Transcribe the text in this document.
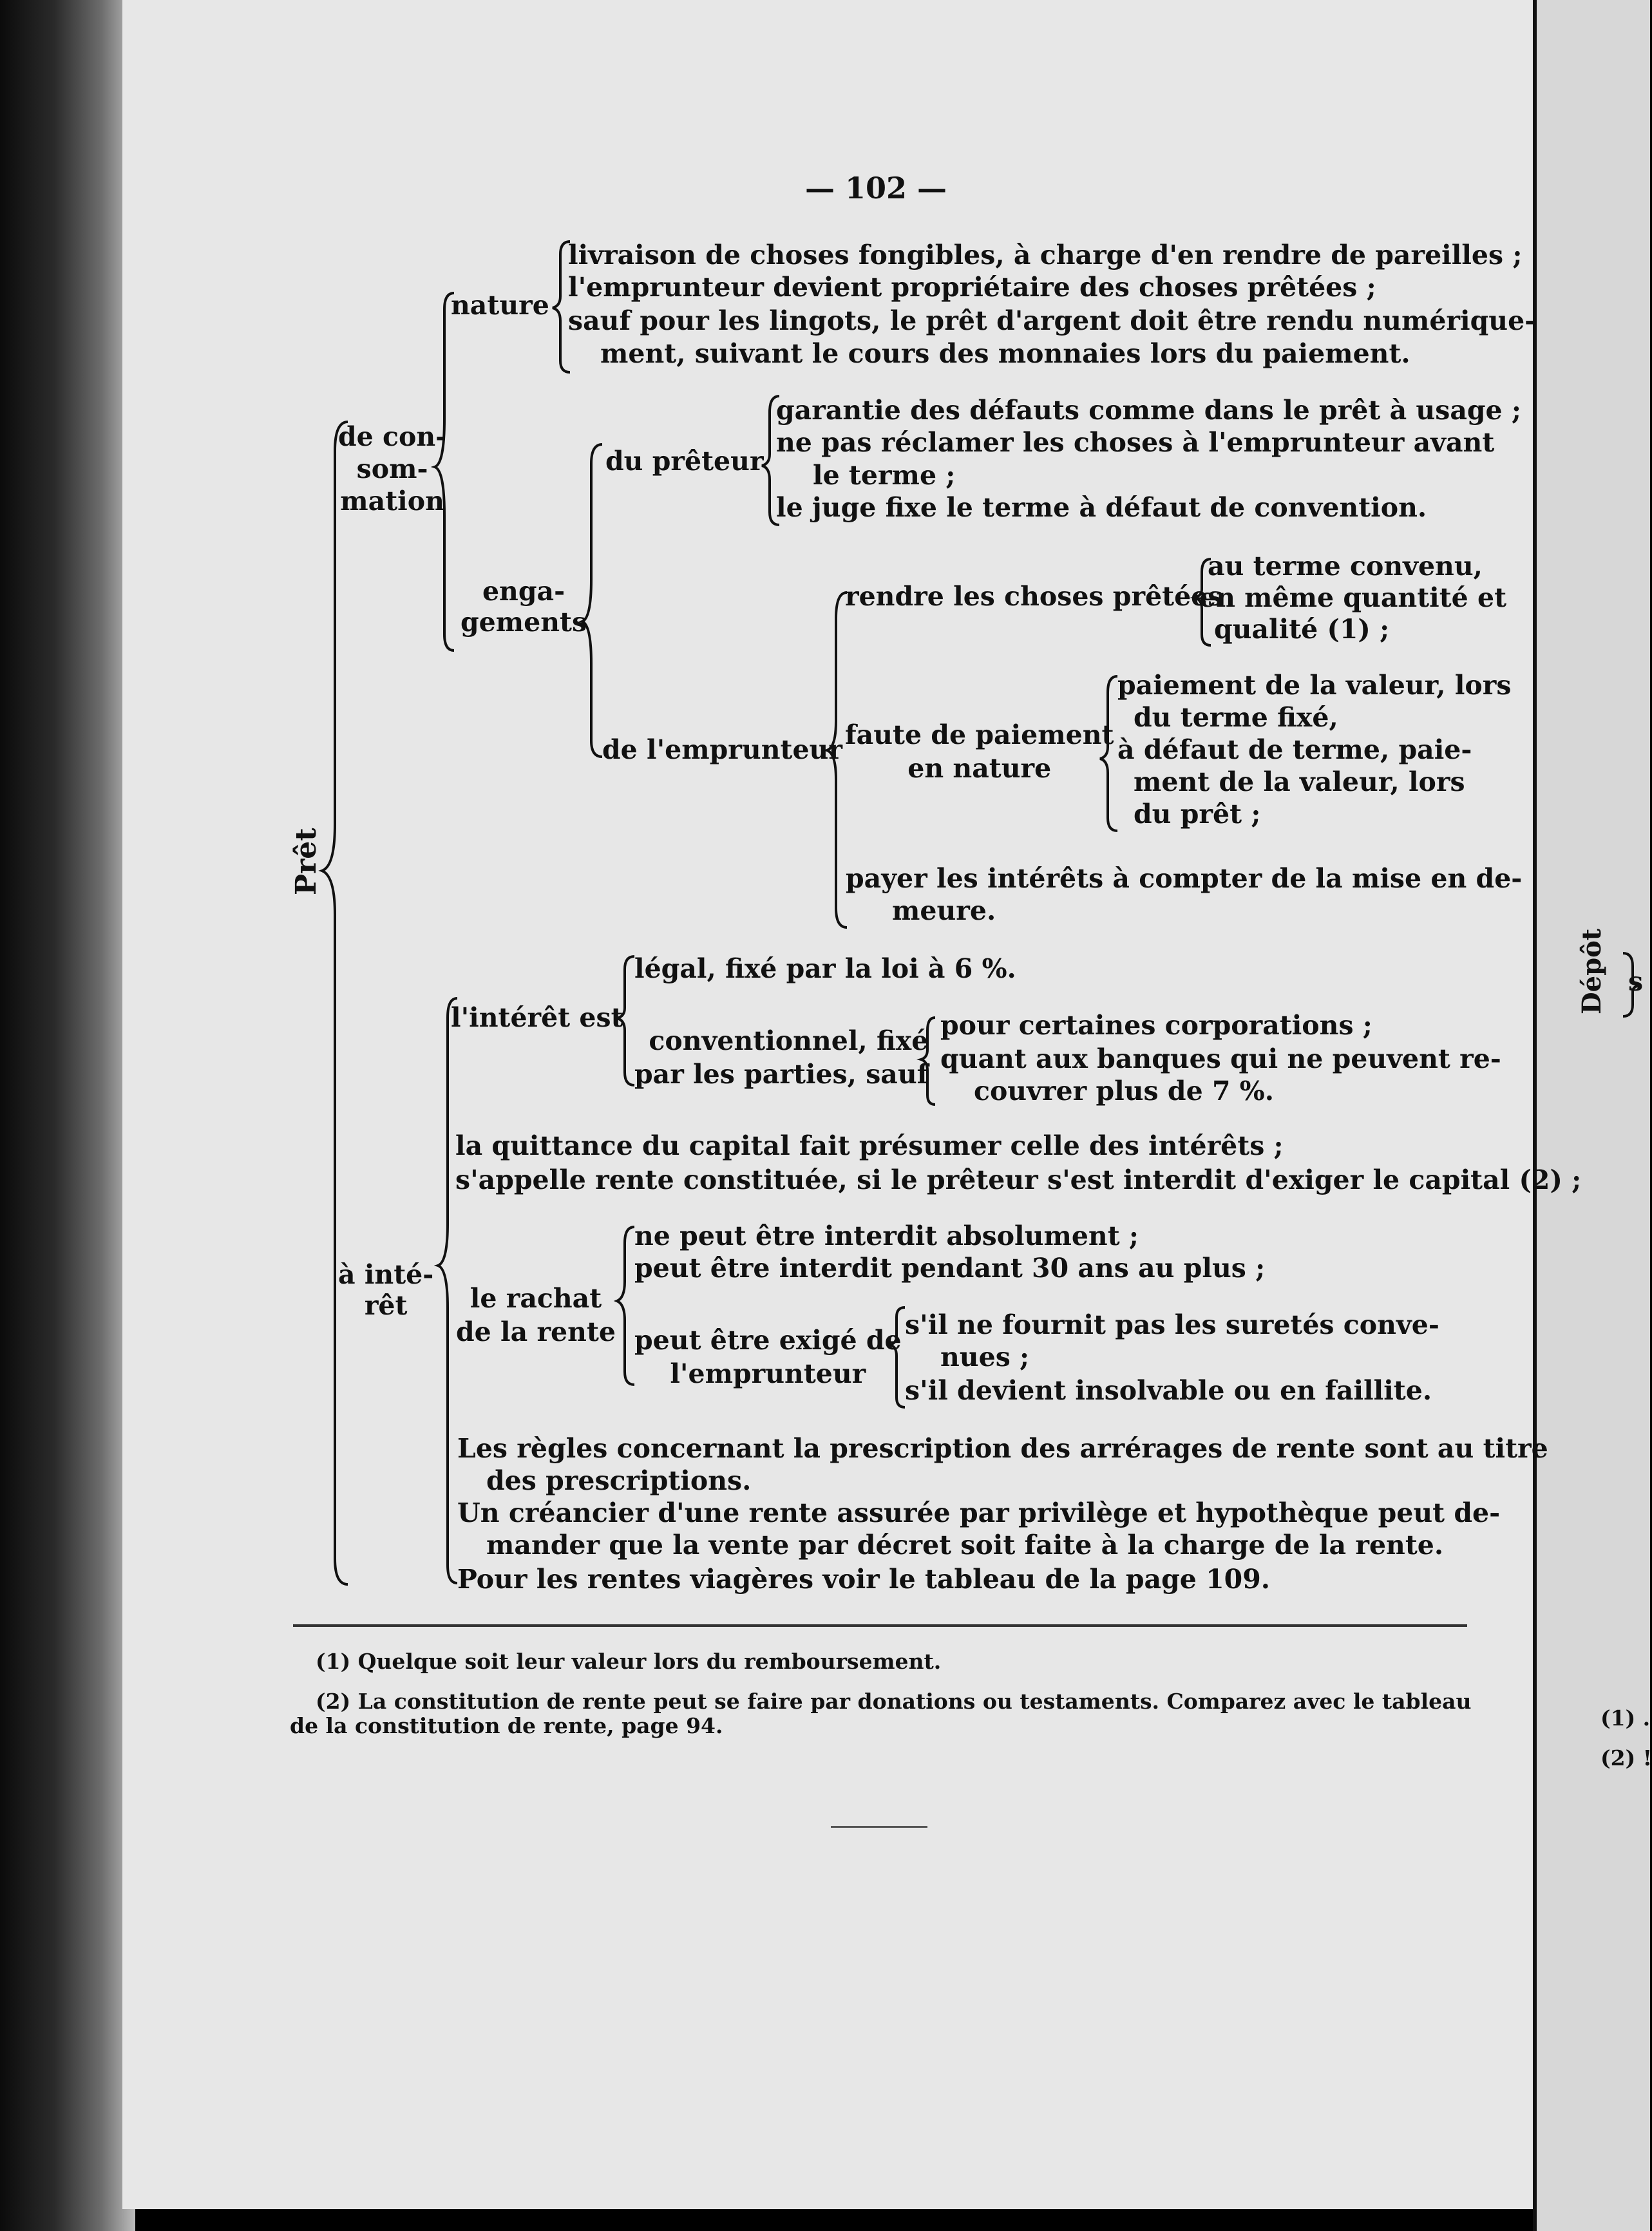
— 102 —
Prêt
de con-
som-
mation
nature
livraison de choses fongibles, à charge d'en rendre de pareilles ;
l'emprunteur devient propriétaire des choses prêtées ;
sauf pour les lingots, le prêt d'argent doit être rendu numérique-
ment, suivant le cours des monnaies lors du paiement.
enga-
gements
du prêteur
garantie des défauts comme dans le prêt à usage ;
ne pas réclamer les choses à l'emprunteur avant
le terme ;
le juge fixe le terme à défaut de convention.
de l'emprunteur
rendre les choses prêtées
au terme convenu,
en même quantité et
qualité (1) ;
faute de paiement
en nature
paiement de la valeur, lors
du terme fixé,
à défaut de terme, paie-
ment de la valeur, lors
du prêt ;
payer les intérêts à compter de la mise en de-
meure.
à inté-
rêt
l'intérêt est
légal, fixé par la loi à 6 %.
conventionnel, fixé
par les parties, sauf
pour certaines corporations ;
quant aux banques qui ne peuvent re-
couvrer plus de 7 %.
la quittance du capital fait présumer celle des intérêts ;
s'appelle rente constituée, si le prêteur s'est interdit d'exiger le capital (2) ;
le rachat
de la rente
ne peut être interdit absolument ;
peut être interdit pendant 30 ans au plus ;
peut être exigé de
l'emprunteur
s'il ne fournit pas les suretés conve-
nues ;
s'il devient insolvable ou en faillite.
Les règles concernant la prescription des arrérages de rente sont au titre
des prescriptions.
Un créancier d'une rente assurée par privilège et hypothèque peut de-
mander que la vente par décret soit faite à la charge de la rente.
Pour les rentes viagères voir le tableau de la page 109.
(1) Quelque soit leur valeur lors du remboursement.
(2) La constitution de rente peut se faire par donations ou testaments. Comparez avec le tableau
de la constitution de rente, page 94.
Dépôt s
(1) .
(2) !
